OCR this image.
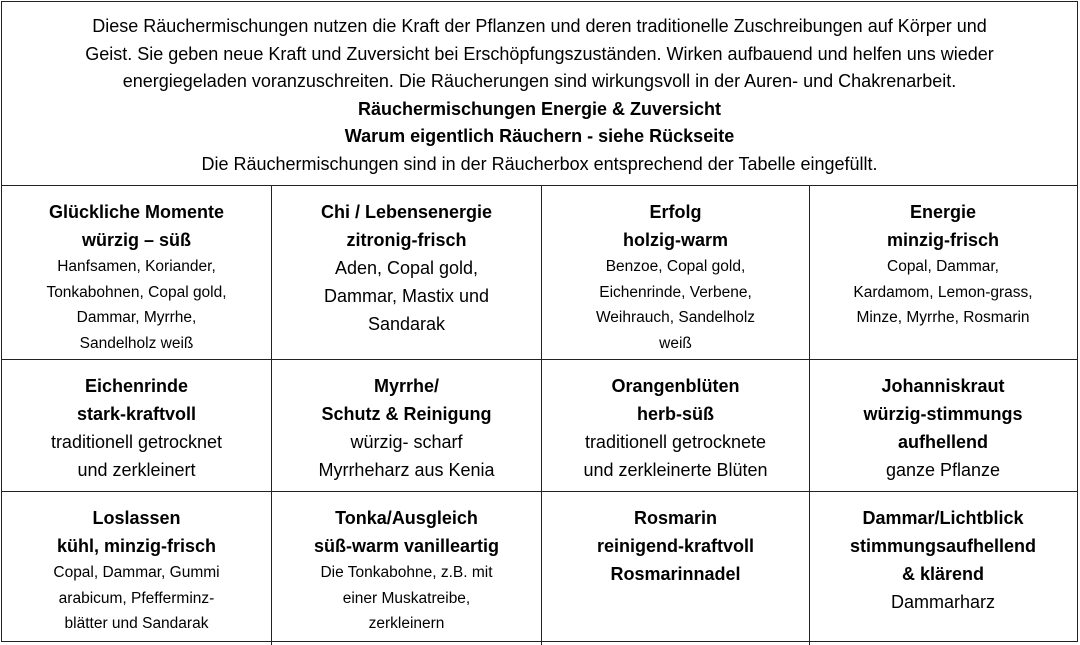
Diese Räuchermischungen nutzen die Kraft der Pflanzen und deren traditionelle Zuschreibungen auf Körper und
Geist. Sie geben neue Kraft und Zuversicht bei Erschöpfungszuständen. Wirken aufbauend und helfen uns wieder
energiegeladen voranzuschreiten. Die Räucherungen sind wirkungsvoll in der Auren- und Chakrenarbeit.
Räuchermischungen Energie & Zuversicht
Warum eigentlich Räuchern - siehe Rückseite
Die Räuchermischungen sind in der Räucherbox entsprechend der Tabelle eingefüllt.
Glückliche Momente
würzig – süß
Hanfsamen, Koriander,
Tonkabohnen, Copal gold,
Dammar, Myrrhe,
Sandelholz weiß
Chi / Lebensenergie
zitronig-frisch
Aden, Copal gold,
Dammar, Mastix und
Sandarak
Erfolg
holzig-warm
Benzoe, Copal gold,
Eichenrinde, Verbene,
Weihrauch, Sandelholz
weiß
Energie
minzig-frisch
Copal, Dammar,
Kardamom, Lemon-grass,
Minze, Myrrhe, Rosmarin
Eichenrinde
stark-kraftvoll
traditionell getrocknet
und zerkleinert
Myrrhe/
Schutz & Reinigung
würzig- scharf
Myrrheharz aus Kenia
Orangenblüten
herb-süß
traditionell getrocknete
und zerkleinerte Blüten
Johanniskraut
würzig-stimmungs
aufhellend
ganze Pflanze
Loslassen
kühl, minzig-frisch
Copal, Dammar, Gummi
arabicum, Pfefferminz-
blätter und Sandarak
Tonka/Ausgleich
süß-warm vanilleartig
Die Tonkabohne, z.B. mit
einer Muskatreibe,
zerkleinern
Rosmarin
reinigend-kraftvoll
Rosmarinnadel
Dammar/Lichtblick
stimmungsaufhellend
& klärend
Dammarharz
